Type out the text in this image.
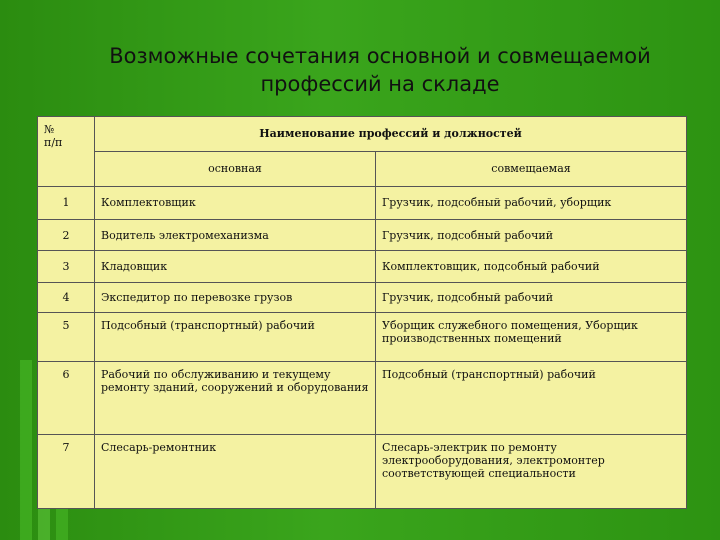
Возможные сочетания основной и совмещаемой
профессий на складе
№
п/п	Наименование профессий и должностей	
	основная	совмещаемая
1	Комплектовщик	Грузчик, подсобный рабочий, уборщик
2	Водитель электромеханизма	Грузчик, подсобный рабочий
3	Кладовщик	Комплектовщик, подсобный рабочий
4	Экспедитор по перевозке грузов	Грузчик, подсобный рабочий
5	Подсобный (транспортный) рабочий	Уборщик служебного помещения, Уборщик производственных помещений
6	Рабочий по обслуживанию и текущему ремонту зданий, сооружений и оборудования	Подсобный (транспортный) рабочий
7	Слесарь-ремонтник	Слесарь-электрик по ремонту электрооборудования, электромонтер соответствующей специальности
